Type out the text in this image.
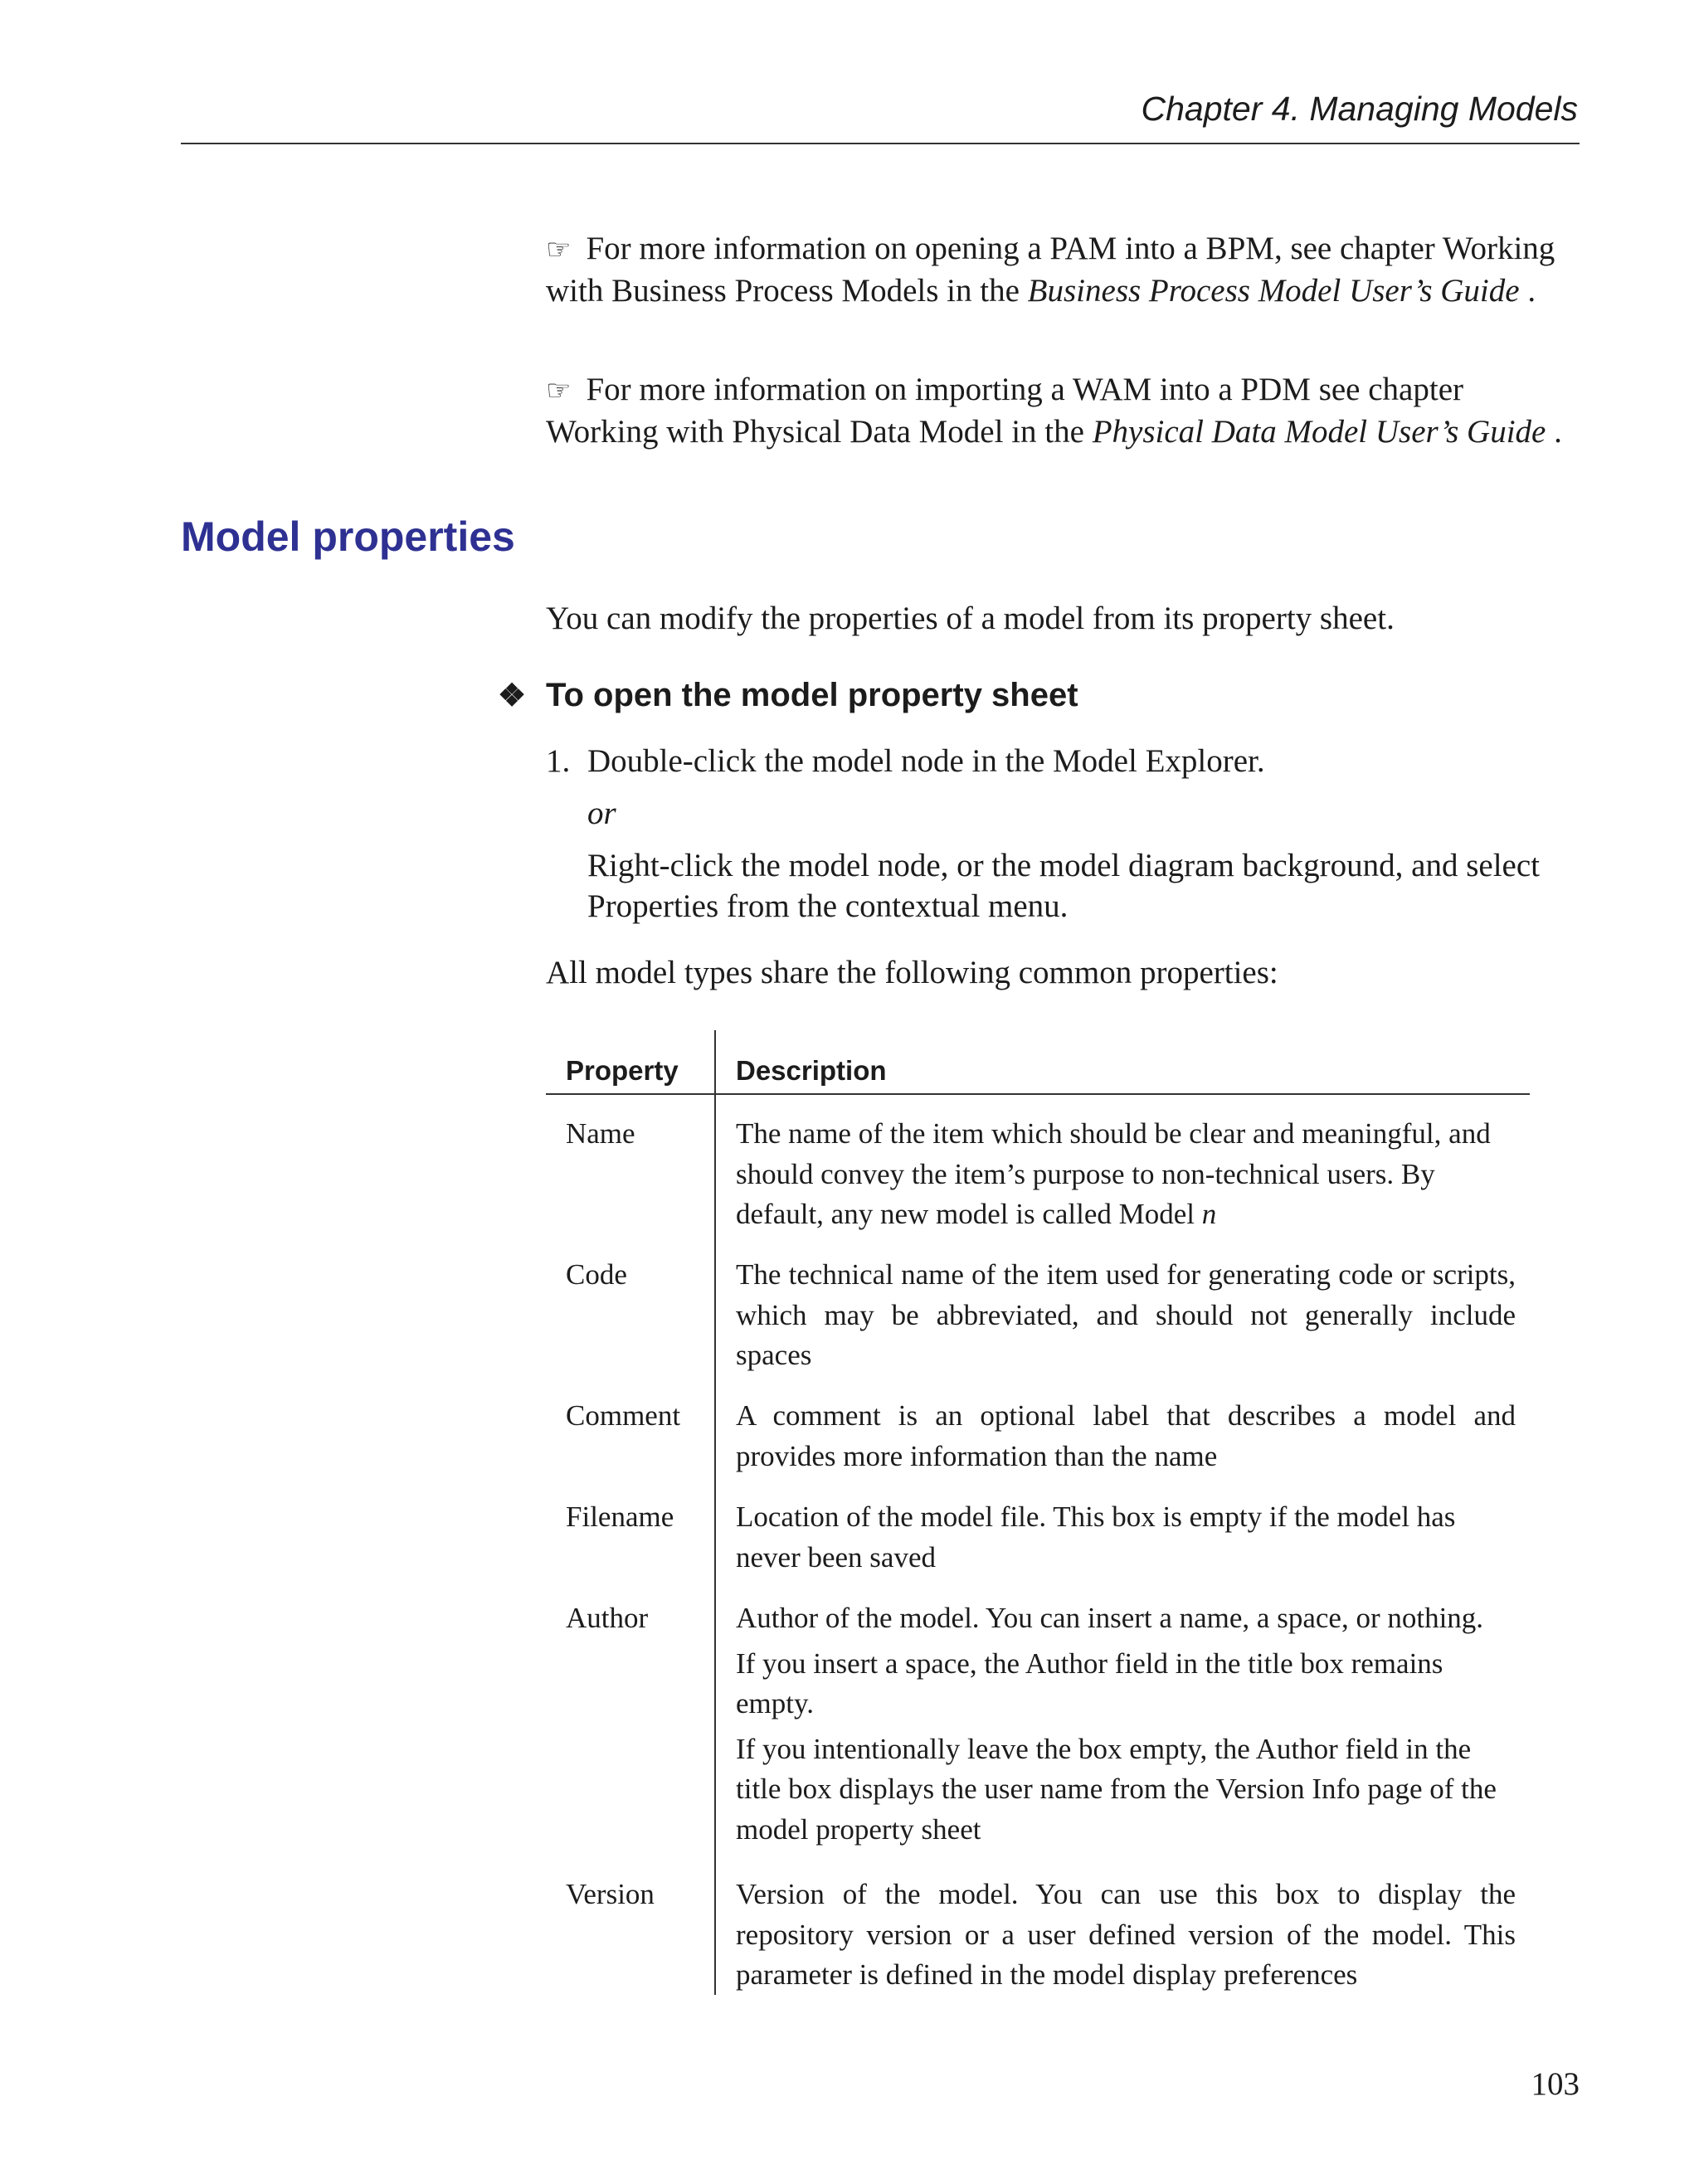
Chapter 4. Managing Models
☞ For more information on opening a PAM into a BPM, see chapter Working with Business Process Models in the Business Process Model User’s Guide .
☞ For more information on importing a WAM into a PDM see chapter Working with Physical Data Model in the Physical Data Model User’s Guide .
Model properties
You can modify the properties of a model from its property sheet.
❖ To open the model property sheet
1. Double-click the model node in the Model Explorer.
or
Right-click the model node, or the model diagram background, and select Properties from the contextual menu.
All model types share the following common properties:
Property Description
Name	The name of the item which should be clear and meaningful, and should convey the item’s purpose to non-technical users. By default, any new model is called Model n

Code	The technical name of the item used for generating code or scripts, which may be abbreviated, and should not generally include spaces

Comment A comment is an optional label that describes a model and provides more information than the name

Filename Location of the model file. This box is empty if the model has never been saved

Author	Author of the model. You can insert a name, a space, or nothing.

If you insert a space, the Author field in the title box remains empty.

If you intentionally leave the box empty, the Author field in the title box displays the user name from the Version Info page of the model property sheet

Version	Version of the model. You can use this box to display the repository version or a user defined version of the model. This parameter is defined in the model display preferences

103
